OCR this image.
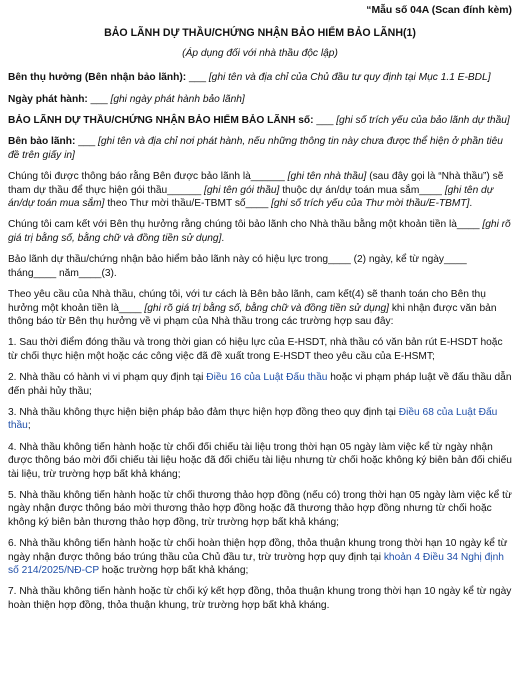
“Mẫu số 04A (Scan đính kèm)
BẢO LÃNH DỰ THẦU/CHỨNG NHẬN BẢO HIỂM BẢO LÃNH(1)
(Áp dụng đối với nhà thầu độc lập)

Bên thụ hưởng (Bên nhận bảo lãnh): ___ [ghi tên và địa chỉ của Chủ đầu tư quy định tại Mục 1.1 E-BDL]

Ngày phát hành: ___ [ghi ngày phát hành bảo lãnh]

BẢO LÃNH DỰ THẦU/CHỨNG NHẬN BẢO HIỂM BẢO LÃNH số: ___ [ghi số trích yếu của bảo lãnh dự thầu]

Bên bảo lãnh: ___ [ghi tên và địa chỉ nơi phát hành, nếu những thông tin này chưa được thể hiện ở phần tiêu đề trên giấy in]

Chúng tôi được thông báo rằng Bên được bảo lãnh là______ [ghi tên nhà thầu] (sau đây gọi là “Nhà thầu”) sẽ tham dự thầu để thực hiện gói thầu______ [ghi tên gói thầu] thuộc dự án/dự toán mua sắm____ [ghi tên dự án/dự toán mua sắm] theo Thư mời thầu/E-TBMT số____ [ghi số trích yếu của Thư mời thầu/E-TBMT].

Chúng tôi cam kết với Bên thụ hưởng rằng chúng tôi bảo lãnh cho Nhà thầu bằng một khoản tiền là____ [ghi rõ giá trị bằng số, bằng chữ và đồng tiền sử dụng].

Bảo lãnh dự thầu/chứng nhận bảo hiểm bảo lãnh này có hiệu lực trong____ (2) ngày, kể từ ngày____ tháng____ năm____(3).

Theo yêu cầu của Nhà thầu, chúng tôi, với tư cách là Bên bảo lãnh, cam kết(4) sẽ thanh toán cho Bên thụ hưởng một khoản tiền là____ [ghi rõ giá trị bằng số, bằng chữ và đồng tiền sử dụng] khi nhận được văn bản thông báo từ Bên thụ hưởng về vi phạm của Nhà thầu trong các trường hợp sau đây:

1. Sau thời điểm đóng thầu và trong thời gian có hiệu lực của E-HSDT, nhà thầu có văn bản rút E-HSDT hoặc từ chối thực hiện một hoặc các công việc đã đề xuất trong E-HSDT theo yêu cầu của E-HSMT;

2. Nhà thầu có hành vi vi phạm quy định tại Điều 16 của Luật Đấu thầu hoặc vi phạm pháp luật về đấu thầu dẫn đến phải hủy thầu;

3. Nhà thầu không thực hiện biện pháp bảo đảm thực hiện hợp đồng theo quy định tại Điều 68 của Luật Đấu thầu;

4. Nhà thầu không tiến hành hoặc từ chối đối chiếu tài liệu trong thời hạn 05 ngày làm việc kể từ ngày nhận được thông báo mời đối chiếu tài liệu hoặc đã đối chiếu tài liệu nhưng từ chối hoặc không ký biên bản đối chiếu tài liệu, trừ trường hợp bất khả kháng;

5. Nhà thầu không tiến hành hoặc từ chối thương thảo hợp đồng (nếu có) trong thời hạn 05 ngày làm việc kể từ ngày nhận được thông báo mời thương thảo hợp đồng hoặc đã thương thảo hợp đồng nhưng từ chối hoặc không ký biên bản thương thảo hợp đồng, trừ trường hợp bất khả kháng;

6. Nhà thầu không tiến hành hoặc từ chối hoàn thiện hợp đồng, thỏa thuận khung trong thời hạn 10 ngày kể từ ngày nhận được thông báo trúng thầu của Chủ đầu tư, trừ trường hợp quy định tại khoản 4 Điều 34 Nghị định số 214/2025/NĐ-CP hoặc trường hợp bất khả kháng;

7. Nhà thầu không tiến hành hoặc từ chối ký kết hợp đồng, thỏa thuận khung trong thời hạn 10 ngày kể từ ngày hoàn thiện hợp đồng, thỏa thuận khung, trừ trường hợp bất khả kháng.
